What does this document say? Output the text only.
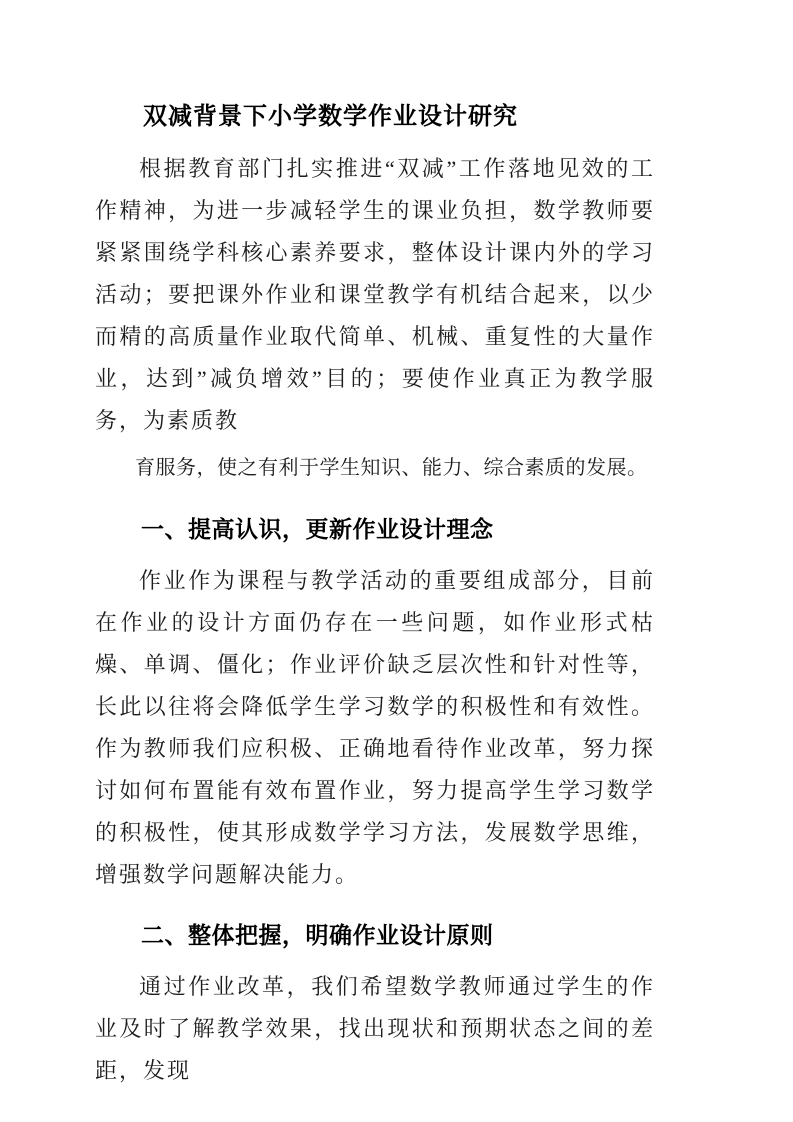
双减背景下小学数学作业设计研究

根据教育部门扎实推进“双减”工作落地见效的工作精神，为进一步减轻学生的课业负担，数学教师要紧紧围绕学科核心素养要求，整体设计课内外的学习活动；要把课外作业和课堂教学有机结合起来，以少而精的高质量作业取代简单、机械、重复性的大量作业，达到”减负增效”目的；要使作业真正为教学服务，为素质教

育服务，使之有利于学生知识、能力、综合素质的发展。

一、提高认识，更新作业设计理念

作业作为课程与教学活动的重要组成部分，目前在作业的设计方面仍存在一些问题，如作业形式枯燥、单调、僵化；作业评价缺乏层次性和针对性等，长此以往将会降低学生学习数学的积极性和有效性。作为教师我们应积极、正确地看待作业改革，努力探讨如何布置能有效布置作业，努力提高学生学习数学的积极性，使其形成数学学习方法，发展数学思维，增强数学问题解决能力。

二、整体把握，明确作业设计原则

通过作业改革，我们希望数学教师通过学生的作业及时了解教学效果，找出现状和预期状态之间的差距，发现
